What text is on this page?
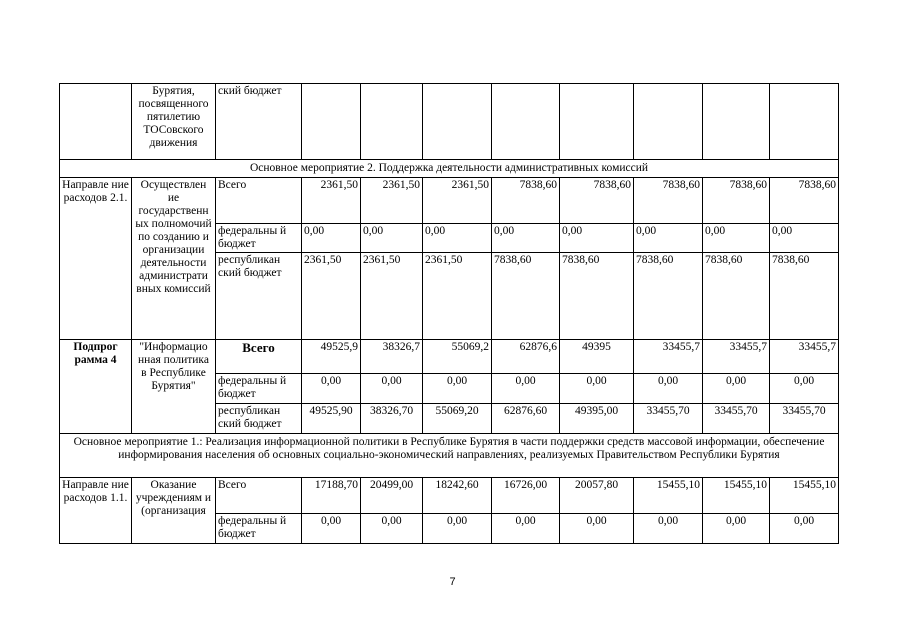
	Бурятия, посвященного пятилетию ТОСовского движения	ский бюджет								
Основное мероприятие 2. Поддержка деятельности административных комиссий										
Направле ние расходов 2.1.	Осуществлен ие государственн ых полномочий по созданию и организации деятельности администрати вных комиссий	Всего	2361,50	2361,50	2361,50	7838,60	7838,60	7838,60	7838,60	7838,60
		федеральны й бюджет	0,00	0,00	0,00	0,00	0,00	0,00	0,00	0,00
		республикан ский бюджет	2361,50	2361,50	2361,50	7838,60	7838,60	7838,60	7838,60	7838,60
Подпрог рамма 4	"Информацио нная политика в Республике Бурятия"	Всего	49525,9	38326,7	55069,2	62876,6	49395	33455,7	33455,7	33455,7
		федеральны й бюджет	0,00	0,00	0,00	0,00	0,00	0,00	0,00	0,00
		республикан ский бюджет	49525,90	38326,70	55069,20	62876,60	49395,00	33455,70	33455,70	33455,70
Основное мероприятие 1.: Реализация информационной политики в Республике Бурятия в части поддержки средств массовой информации, обеспечение информирования населения об основных социально-экономический направлениях, реализуемых Правительством Республики Бурятия										
Направле ние расходов 1.1.	Оказание учреждениям и (организация	Всего	17188,70	20499,00	18242,60	16726,00	20057,80	15455,10	15455,10	15455,10
		федеральны й бюджет	0,00	0,00	0,00	0,00	0,00	0,00	0,00	0,00
7
